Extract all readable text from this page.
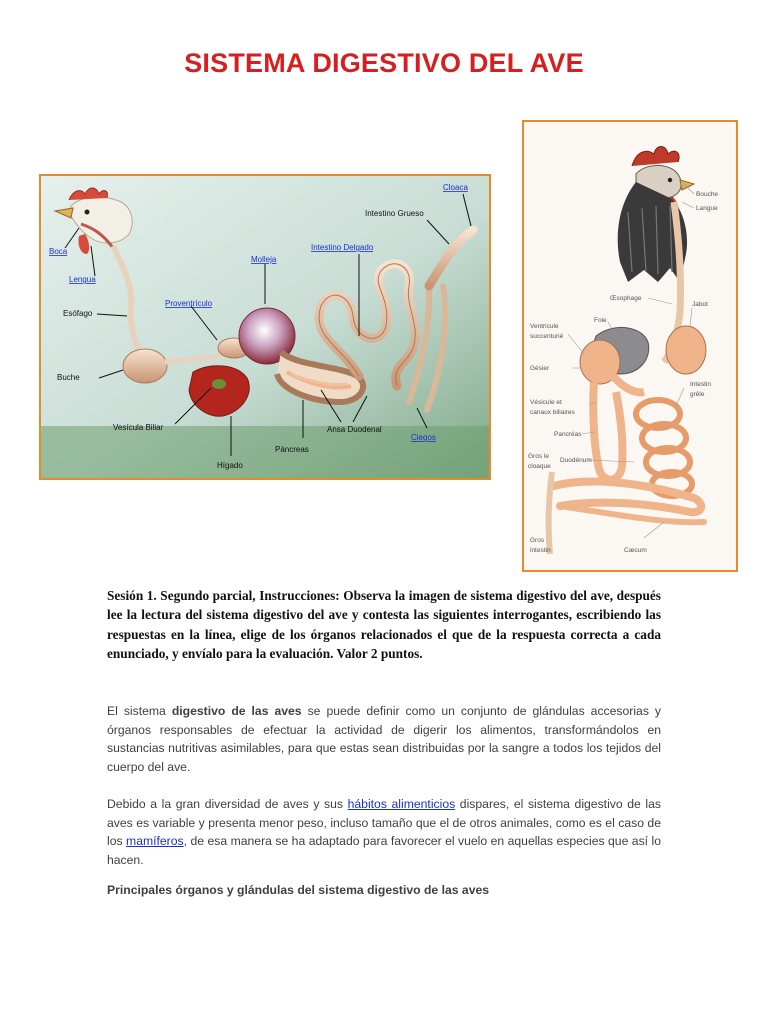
SISTEMA DIGESTIVO DEL AVE
Cloaca
Intestino Grueso
Boca	Intestino Delgado
Molleja
Lengua
Proventrículo
Esófago
Buche
Vesícula Biliar	Ansa Duodenal
Ciegos
Páncreas
Hígado
Bouche
Langue
Œsophage
Jabot
Foie
Ventricule
succenturié
Gésier
Intestin
grêle
Vésicule et
canaux biliaires
Pancréas
Gros le
cloaque
Duodénum
Gros
intestin	Cæcum

Sesión 1. Segundo parcial, Instrucciones: Observa la imagen de sistema digestivo del ave, después lee la lectura del sistema digestivo del ave y contesta las siguientes interrogantes, escribiendo las respuestas en la línea, elige de los órganos relacionados el que de la respuesta correcta a cada enunciado, y envíalo para la evaluación. Valor 2 puntos.

El sistema digestivo de las aves se puede definir como un conjunto de glándulas accesorias y órganos responsables de efectuar la actividad de digerir los alimentos, transformándolos en sustancias nutritivas asimilables, para que estas sean distribuidas por la sangre a todos los tejidos del cuerpo del ave.

Debido a la gran diversidad de aves y sus hábitos alimenticios dispares, el sistema digestivo de las aves es variable y presenta menor peso, incluso tamaño que el de otros animales, como es el caso de los mamíferos, de esa manera se ha adaptado para favorecer el vuelo en aquellas especies que así lo hacen.

Principales órganos y glándulas del sistema digestivo de las aves
